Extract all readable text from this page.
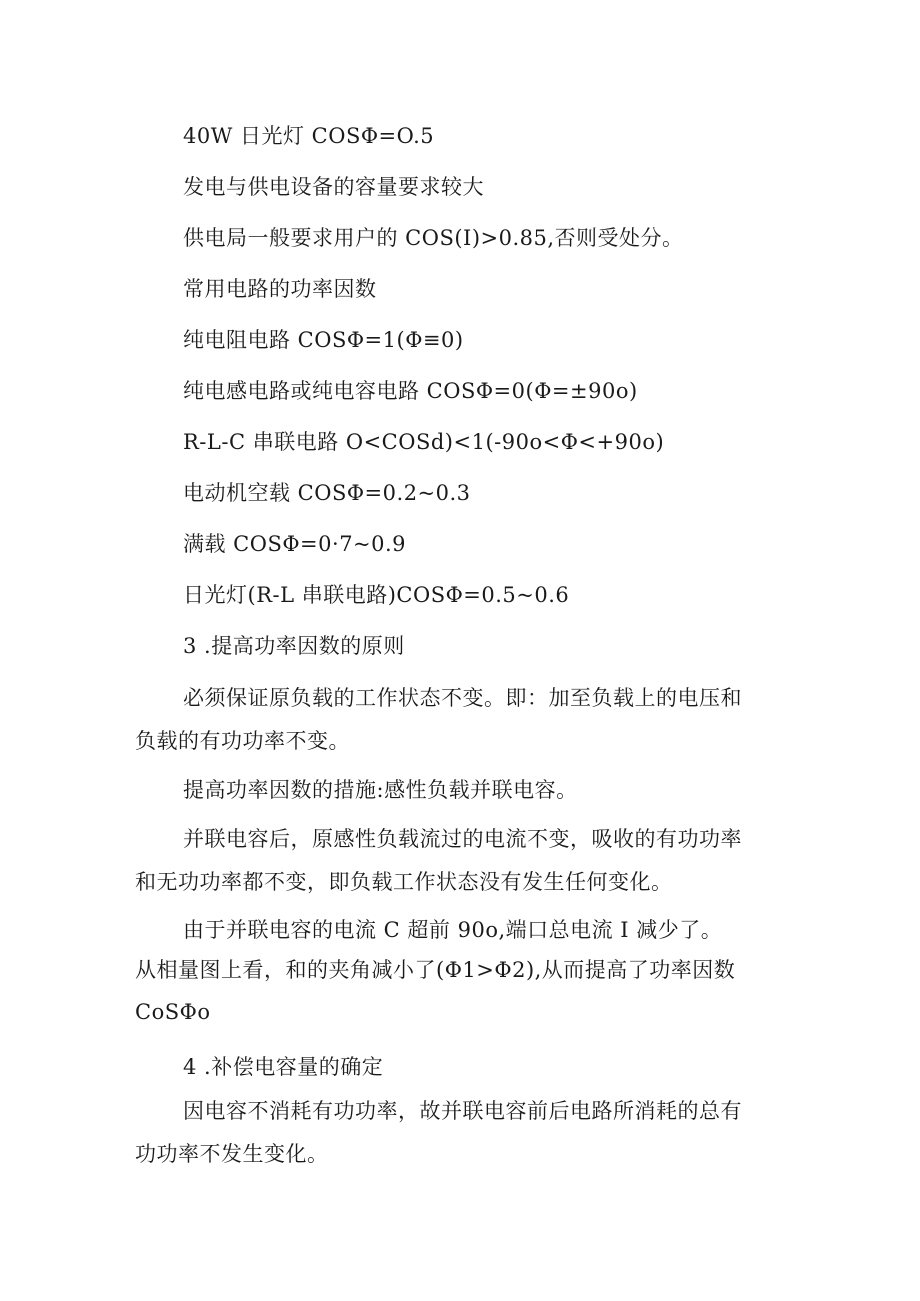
40W 日光灯 COSΦ=O.5
发电与供电设备的容量要求较大
供电局一般要求用户的 COS(I)>0.85,否则受处分。
常用电路的功率因数
纯电阻电路 COSΦ=1(Φ≡0)
纯电感电路或纯电容电路 COSΦ=0(Φ=±90o)
R-L-C 串联电路 O<COSd)<1(-90o<Φ<+90o)
电动机空载 COSΦ=0.2~0.3
满载 COSΦ=0·7~0.9
日光灯(R-L 串联电路)COSΦ=0.5~0.6
3 .提高功率因数的原则
必须保证原负载的工作状态不变。即：加至负载上的电压和
负载的有功功率不变。
提高功率因数的措施:感性负载并联电容。
并联电容后，原感性负载流过的电流不变，吸收的有功功率
和无功功率都不变，即负载工作状态没有发生任何变化。
由于并联电容的电流 C 超前 90o,端口总电流 I 减少了。
从相量图上看，和的夹角减小了(Φ1>Φ2),从而提高了功率因数
CoSΦo
4 .补偿电容量的确定
因电容不消耗有功功率，故并联电容前后电路所消耗的总有
功功率不发生变化。
